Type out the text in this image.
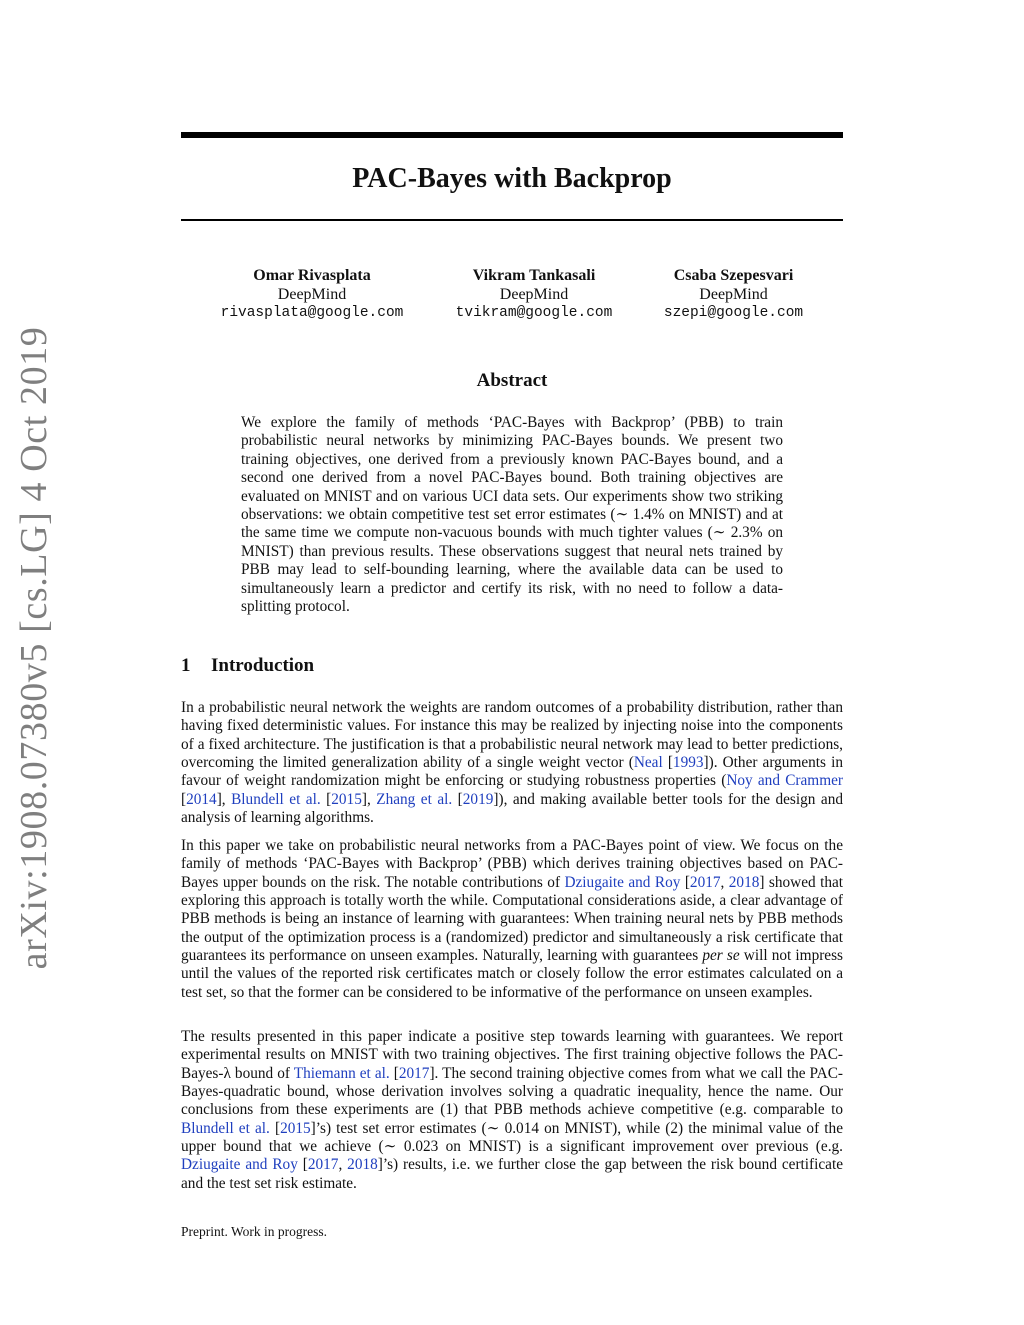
arXiv:1908.07380v5 [cs.LG] 4 Oct 2019
PAC-Bayes with Backprop
Omar Rivasplata
DeepMind
rivasplata@google.com
Vikram Tankasali
DeepMind
tvikram@google.com
Csaba Szepesvari
DeepMind
szepi@google.com
Abstract

We explore the family of methods ‘PAC-Bayes with Backprop’ (PBB) to train probabilistic neural networks by minimizing PAC-Bayes bounds. We present two training objectives, one derived from a previously known PAC-Bayes bound, and a second one derived from a novel PAC-Bayes bound. Both training objectives are evaluated on MNIST and on various UCI data sets. Our experiments show two striking observations: we obtain competitive test set error estimates (∼ 1.4% on MNIST) and at the same time we compute non-vacuous bounds with much tighter values (∼ 2.3% on MNIST) than previous results. These observations suggest that neural nets trained by PBB may lead to self-bounding learning, where the available data can be used to simultaneously learn a predictor and certify its risk, with no need to follow a data-splitting protocol.

1 Introduction

In a probabilistic neural network the weights are random outcomes of a probability distribution, rather than having fixed deterministic values. For instance this may be realized by injecting noise into the components of a fixed architecture. The justification is that a probabilistic neural network may lead to better predictions, overcoming the limited generalization ability of a single weight vector (Neal [1993]). Other arguments in favour of weight randomization might be enforcing or studying robustness properties (Noy and Crammer [2014], Blundell et al. [2015], Zhang et al. [2019]), and making available better tools for the design and analysis of learning algorithms.

In this paper we take on probabilistic neural networks from a PAC-Bayes point of view. We focus on the family of methods ‘PAC-Bayes with Backprop’ (PBB) which derives training objectives based on PAC-Bayes upper bounds on the risk. The notable contributions of Dziugaite and Roy [2017, 2018] showed that exploring this approach is totally worth the while. Computational considerations aside, a clear advantage of PBB methods is being an instance of learning with guarantees: When training neural nets by PBB methods the output of the optimization process is a (randomized) predictor and simultaneously a risk certificate that guarantees its performance on unseen examples. Naturally, learning with guarantees per se will not impress until the values of the reported risk certificates match or closely follow the error estimates calculated on a test set, so that the former can be considered to be informative of the performance on unseen examples.

The results presented in this paper indicate a positive step towards learning with guarantees. We report experimental results on MNIST with two training objectives. The first training objective follows the PAC-Bayes-λ bound of Thiemann et al. [2017]. The second training objective comes from what we call the PAC-Bayes-quadratic bound, whose derivation involves solving a quadratic inequality, hence the name. Our conclusions from these experiments are (1) that PBB methods achieve competitive (e.g. comparable to Blundell et al. [2015]’s) test set error estimates (∼ 0.014 on MNIST), while (2) the minimal value of the upper bound that we achieve (∼ 0.023 on MNIST) is a significant improvement over previous (e.g. Dziugaite and Roy [2017, 2018]’s) results, i.e. we further close the gap between the risk bound certificate and the test set risk estimate.

Preprint. Work in progress.
